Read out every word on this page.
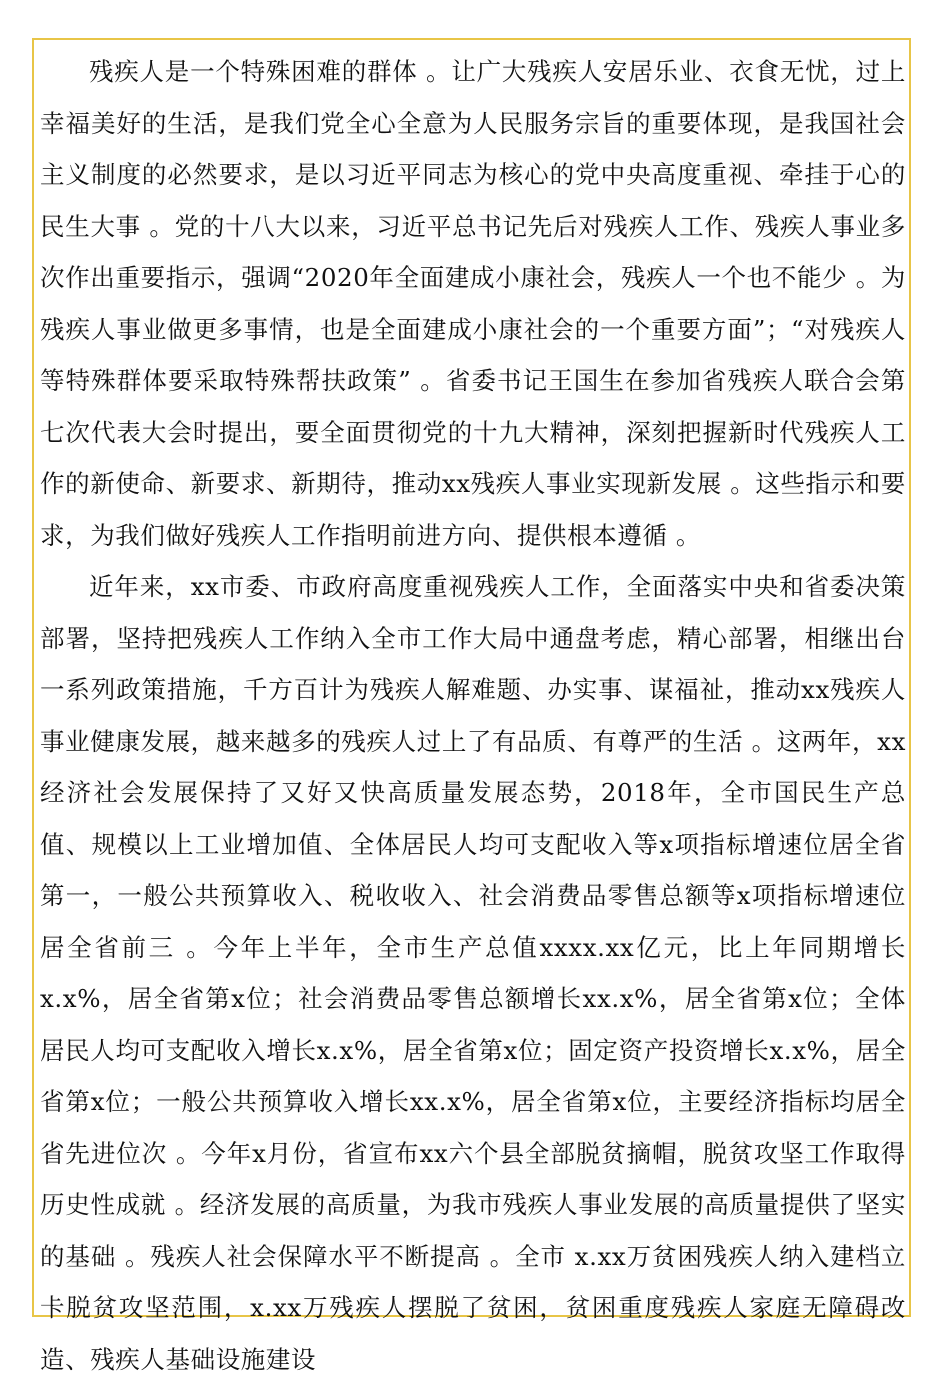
残疾人是一个特殊困难的群体 。让广大残疾人安居乐业、衣食无忧，过上幸福美好的生活，是我们党全心全意为人民服务宗旨的重要体现，是我国社会主义制度的必然要求，是以习近平同志为核心的党中央高度重视、牵挂于心的民生大事 。党的十八大以来，习近平总书记先后对残疾人工作、残疾人事业多次作出重要指示，强调“2020年全面建成小康社会，残疾人一个也不能少 。为残疾人事业做更多事情，也是全面建成小康社会的一个重要方面”；“对残疾人等特殊群体要采取特殊帮扶政策” 。省委书记王国生在参加省残疾人联合会第七次代表大会时提出，要全面贯彻党的十九大精神，深刻把握新时代残疾人工作的新使命、新要求、新期待，推动xx残疾人事业实现新发展 。这些指示和要求，为我们做好残疾人工作指明前进方向、提供根本遵循 。

近年来，xx市委、市政府高度重视残疾人工作，全面落实中央和省委决策部署，坚持把残疾人工作纳入全市工作大局中通盘考虑，精心部署，相继出台一系列政策措施，千方百计为残疾人解难题、办实事、谋福祉，推动xx残疾人事业健康发展，越来越多的残疾人过上了有品质、有尊严的生活 。这两年，xx经济社会发展保持了又好又快高质量发展态势，2018年，全市国民生产总值、规模以上工业增加值、全体居民人均可支配收入等x项指标增速位居全省第一，一般公共预算收入、税收收入、社会消费品零售总额等x项指标增速位居全省前三 。今年上半年，全市生产总值xxxx.xx亿元，比上年同期增长x.x%，居全省第x位；社会消费品零售总额增长xx.x%，居全省第x位；全体居民人均可支配收入增长x.x%，居全省第x位；固定资产投资增长x.x%，居全省第x位；一般公共预算收入增长xx.x%，居全省第x位，主要经济指标均居全省先进位次 。今年x月份，省宣布xx六个县全部脱贫摘帽，脱贫攻坚工作取得历史性成就 。经济发展的高质量，为我市残疾人事业发展的高质量提供了坚实的基础 。残疾人社会保障水平不断提高 。全市 x.xx万贫困残疾人纳入建档立卡脱贫攻坚范围，x.xx万残疾人摆脱了贫困，贫困重度残疾人家庭无障碍改造、残疾人基础设施建设
